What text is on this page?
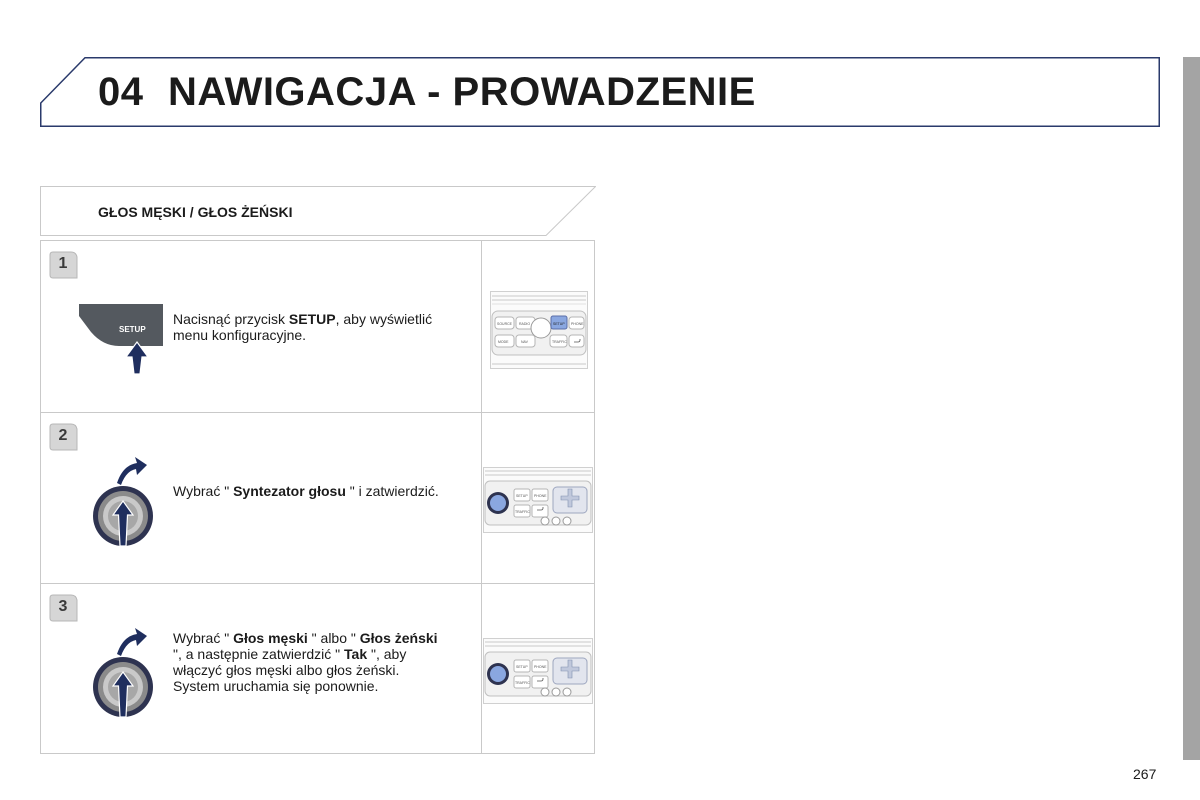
04 NAWIGACJA - PROWADZENIE
GŁOS MĘSKI / GŁOS ŻEŃSKI
1
SETUP
Nacisnąć przycisk SETUP, aby wyświetlić menu konfiguracyjne.
SOURCE RADIO	SETUP PHONE
MODE	NAV	TRAFFIC
2
Wybrać " Syntezator głosu " i zatwierdzić.	SETUP PHONE
TRAFFIC
3
Wybrać " Głos męski " albo " Głos żeński ", a następnie zatwierdzić " Tak ", aby włączyć głos męski albo głos żeński. System uruchamia się ponownie.
SETUP PHONE
TRAFFIC
267
